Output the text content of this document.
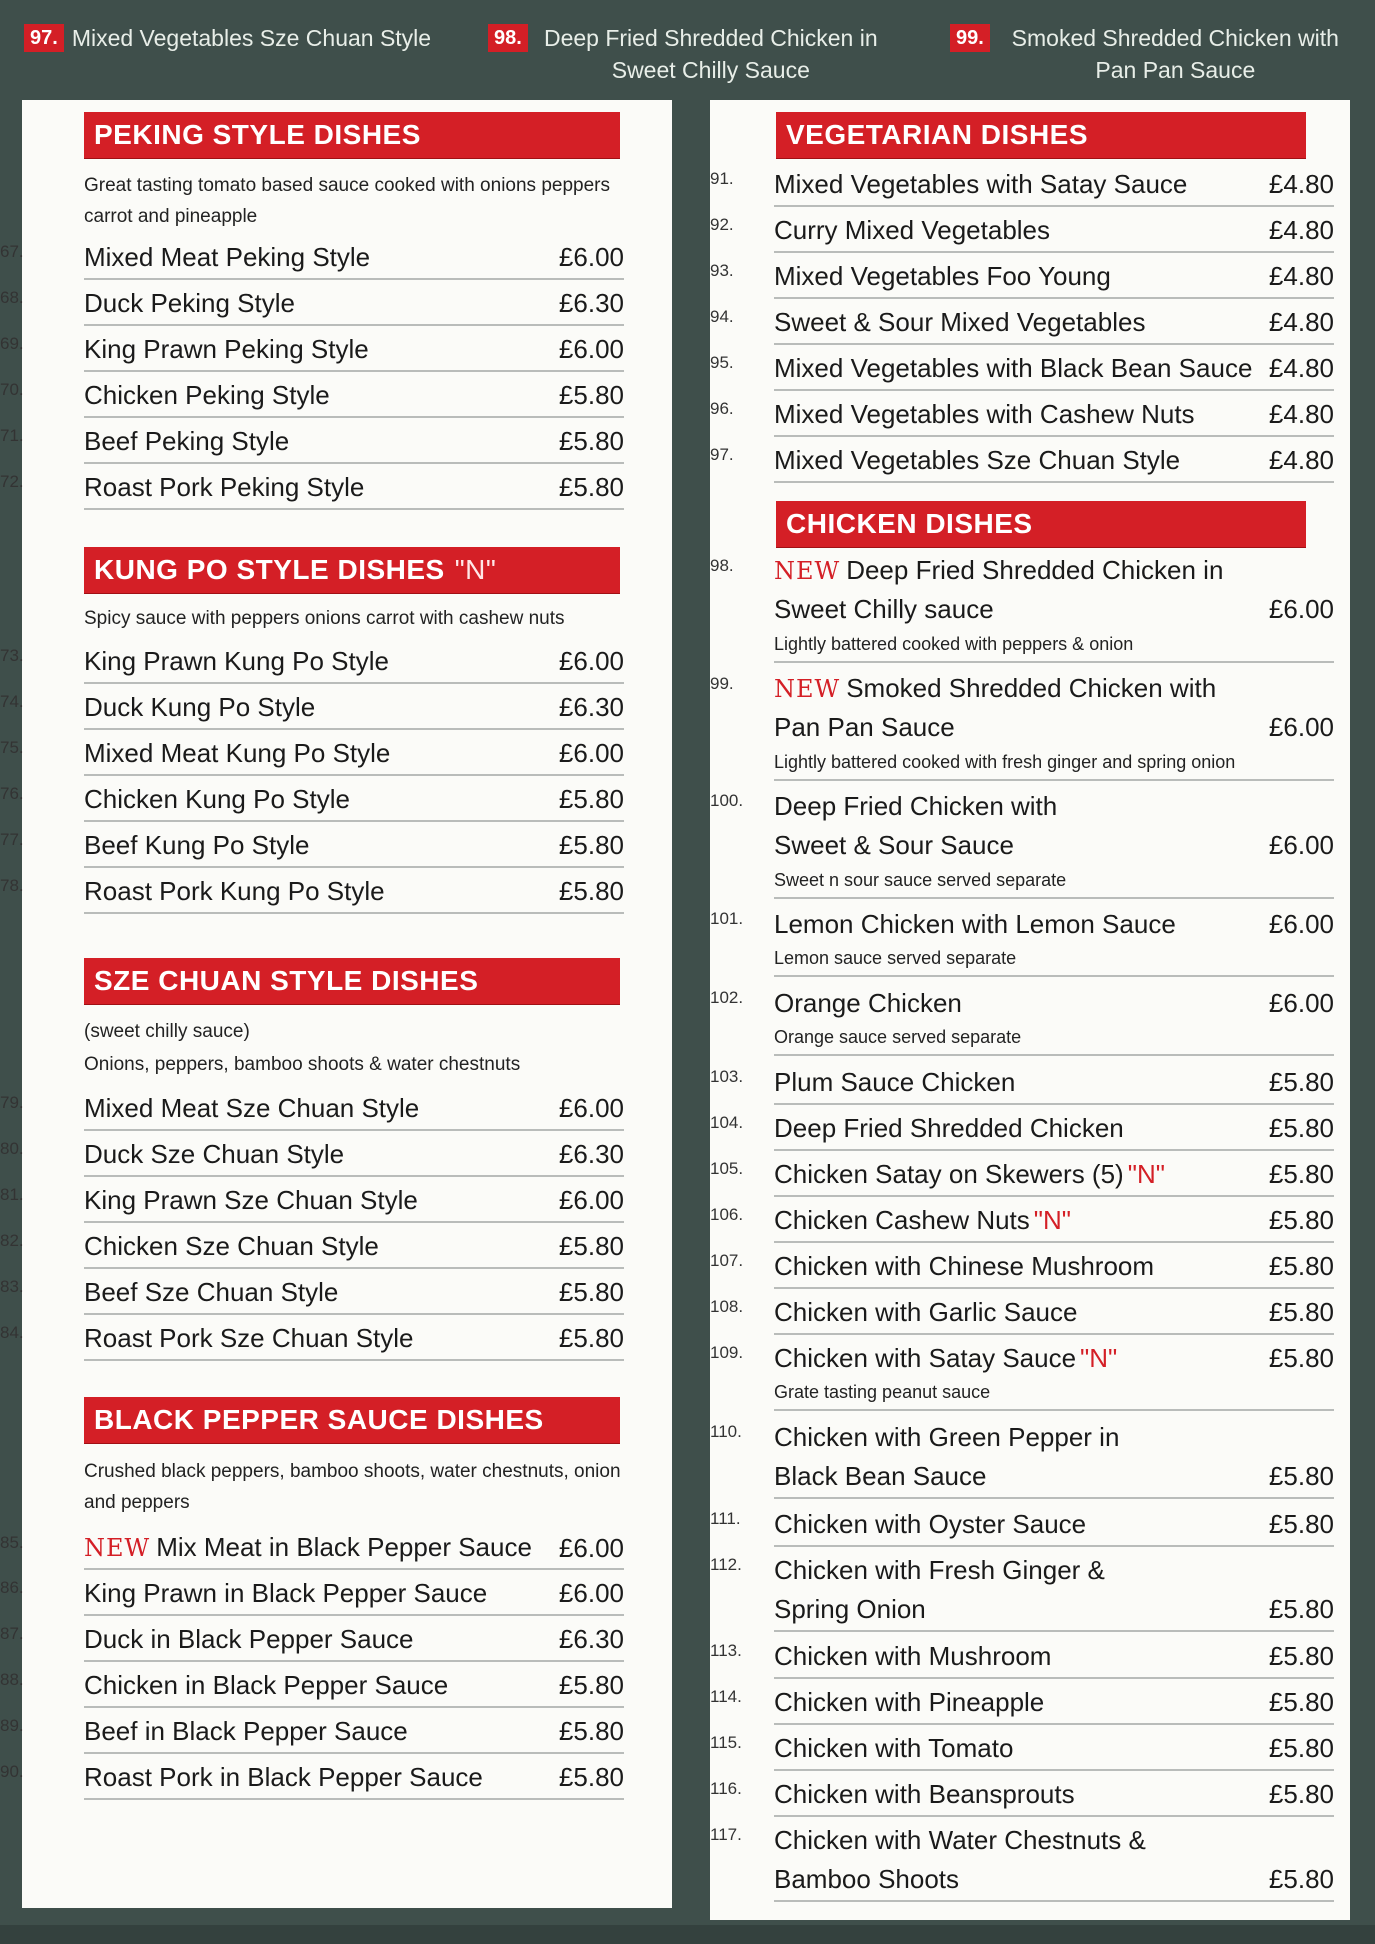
97. Mixed Vegetables Sze Chuan Style	98. Deep Fried Shredded Chicken in Sweet Chilly Sauce
99.	Smoked Shredded Chicken with Pan Pan Sauce
PEKING STYLE DISHES
Great tasting tomato based sauce cooked with onions peppers carrot and pineapple
67. Mixed Meat Peking Style	£6.00
68. Duck Peking Style	£6.30
69. King Prawn Peking Style	£6.00
70. Chicken Peking Style	£5.80
71. Beef Peking Style	£5.80
72. Roast Pork Peking Style	£5.80
KUNG PO STYLE DISHES "N"
Spicy sauce with peppers onions carrot with cashew nuts
73. King Prawn Kung Po Style	£6.00
74. Duck Kung Po Style	£6.30
75. Mixed Meat Kung Po Style	£6.00
76. Chicken Kung Po Style	£5.80
77. Beef Kung Po Style	£5.80
78. Roast Pork Kung Po Style	£5.80
SZE CHUAN STYLE DISHES
(sweet chilly sauce)
Onions, peppers, bamboo shoots & water chestnuts
79. Mixed Meat Sze Chuan Style	£6.00
80. Duck Sze Chuan Style	£6.30
81. King Prawn Sze Chuan Style	£6.00
82. Chicken Sze Chuan Style	£5.80
83. Beef Sze Chuan Style	£5.80
84. Roast Pork Sze Chuan Style	£5.80
BLACK PEPPER SAUCE DISHES
Crushed black peppers, bamboo shoots, water chestnuts, onion and peppers
85.	NEW Mix Meat in Black Pepper Sauce	£6.00
86. King Prawn in Black Pepper Sauce	£6.00
87. Duck in Black Pepper Sauce	£6.30
88. Chicken in Black Pepper Sauce	£5.80
89. Beef in Black Pepper Sauce	£5.80
90. Roast Pork in Black Pepper Sauce	£5.80
VEGETARIAN DISHES
91. Mixed Vegetables with Satay Sauce	£4.80
92. Curry Mixed Vegetables	£4.80
93. Mixed Vegetables Foo Young	£4.80
94. Sweet & Sour Mixed Vegetables	£4.80
95. Mixed Vegetables with Black Bean Sauce £4.80
96. Mixed Vegetables with Cashew Nuts	£4.80
97. Mixed Vegetables Sze Chuan Style	£4.80
CHICKEN DISHES
98. NEW Deep Fried Shredded Chicken in
Sweet Chilly sauce	£6.00
Lightly battered cooked with peppers & onion
99. NEW Smoked Shredded Chicken with
Pan Pan Sauce	£6.00
Lightly battered cooked with fresh ginger and spring onion
100. Deep Fried Chicken with
Sweet & Sour Sauce	£6.00
Sweet n sour sauce served separate
101. Lemon Chicken with Lemon Sauce	£6.00
Lemon sauce served separate
102. Orange Chicken	£6.00
Orange sauce served separate
103. Plum Sauce Chicken	£5.80
104. Deep Fried Shredded Chicken	£5.80
105. Chicken Satay on Skewers (5) "N"	£5.80
106. Chicken Cashew Nuts "N"	£5.80
107. Chicken with Chinese Mushroom	£5.80
108. Chicken with Garlic Sauce	£5.80
109. Chicken with Satay Sauce "N"	£5.80
Grate tasting peanut sauce
110. Chicken with Green Pepper in
Black Bean Sauce	£5.80
111. Chicken with Oyster Sauce	£5.80
112. Chicken with Fresh Ginger &
Spring Onion	£5.80
113. Chicken with Mushroom	£5.80
114. Chicken with Pineapple	£5.80
115. Chicken with Tomato	£5.80
116. Chicken with Beansprouts	£5.80
117. Chicken with Water Chestnuts &
Bamboo Shoots	£5.80
